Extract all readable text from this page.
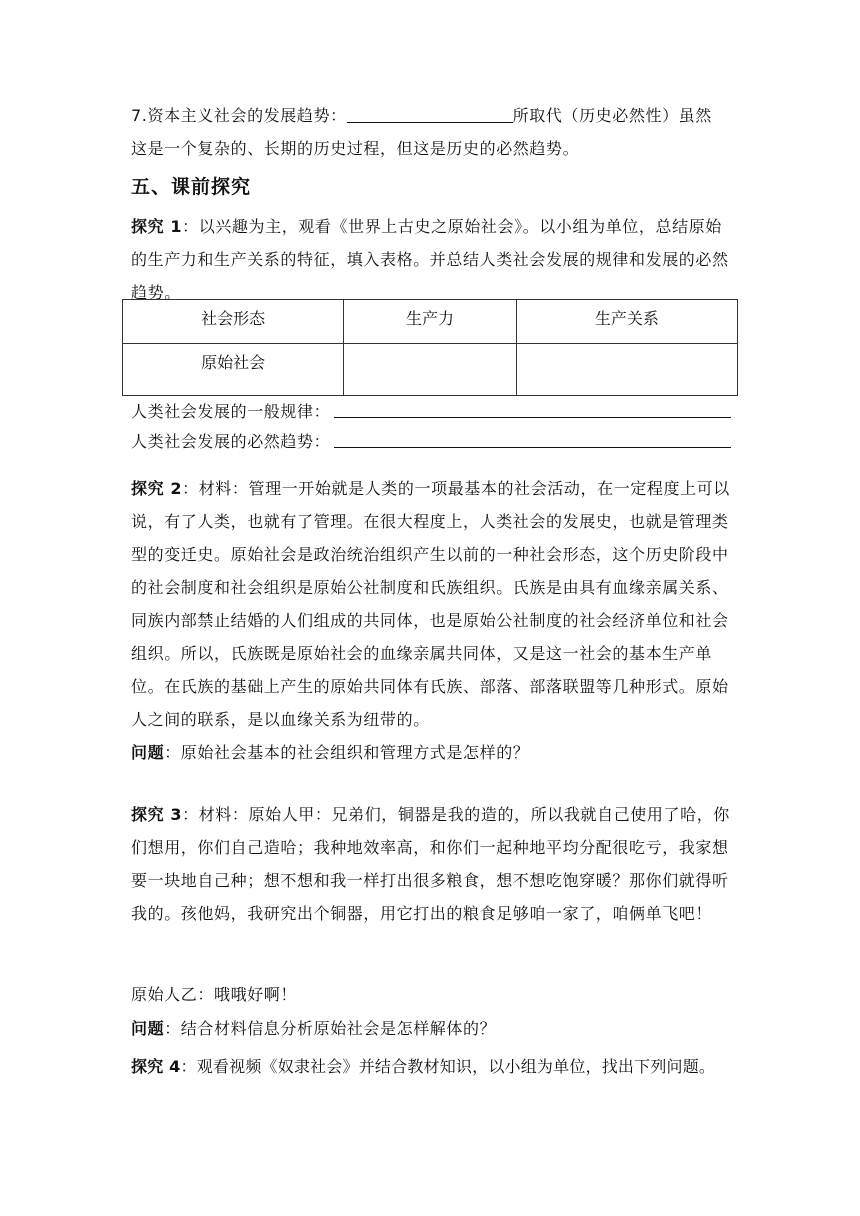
7.资本主义社会的发展趋势：	所取代（历史必然性）虽然
这是一个复杂的、长期的历史过程，但这是历史的必然趋势。
五、课前探究
探究 1：以兴趣为主，观看《世界上古史之原始社会》。以小组为单位，总结原始的生产力和生产关系的特征，填入表格。并总结人类社会发展的规律和发展的必然趋势。
社会形态	生产力	生产关系
原始社会		
人类社会发展的一般规律：
人类社会发展的必然趋势：
探究 2：材料：管理一开始就是人类的一项最基本的社会活动，在一定程度上可以说，有了人类，也就有了管理。在很大程度上，人类社会的发展史，也就是管理类型的变迁史。原始社会是政治统治组织产生以前的一种社会形态，这个历史阶段中的社会制度和社会组织是原始公社制度和氏族组织。氏族是由具有血缘亲属关系、同族内部禁止结婚的人们组成的共同体，也是原始公社制度的社会经济单位和社会组织。所以，氏族既是原始社会的血缘亲属共同体，又是这一社会的基本生产单位。在氏族的基础上产生的原始共同体有氏族、部落、部落联盟等几种形式。原始人之间的联系，是以血缘关系为纽带的。
问题：原始社会基本的社会组织和管理方式是怎样的？
探究 3：材料：原始人甲：兄弟们，铜器是我的造的，所以我就自己使用了哈，你们想用，你们自己造哈；我种地效率高，和你们一起种地平均分配很吃亏，我家想要一块地自己种；想不想和我一样打出很多粮食，想不想吃饱穿暖？那你们就得听我的。孩他妈，我研究出个铜器，用它打出的粮食足够咱一家了，咱俩单飞吧！
原始人乙：哦哦好啊！
问题：结合材料信息分析原始社会是怎样解体的？
探究 4：观看视频《奴隶社会》并结合教材知识，以小组为单位，找出下列问题。
